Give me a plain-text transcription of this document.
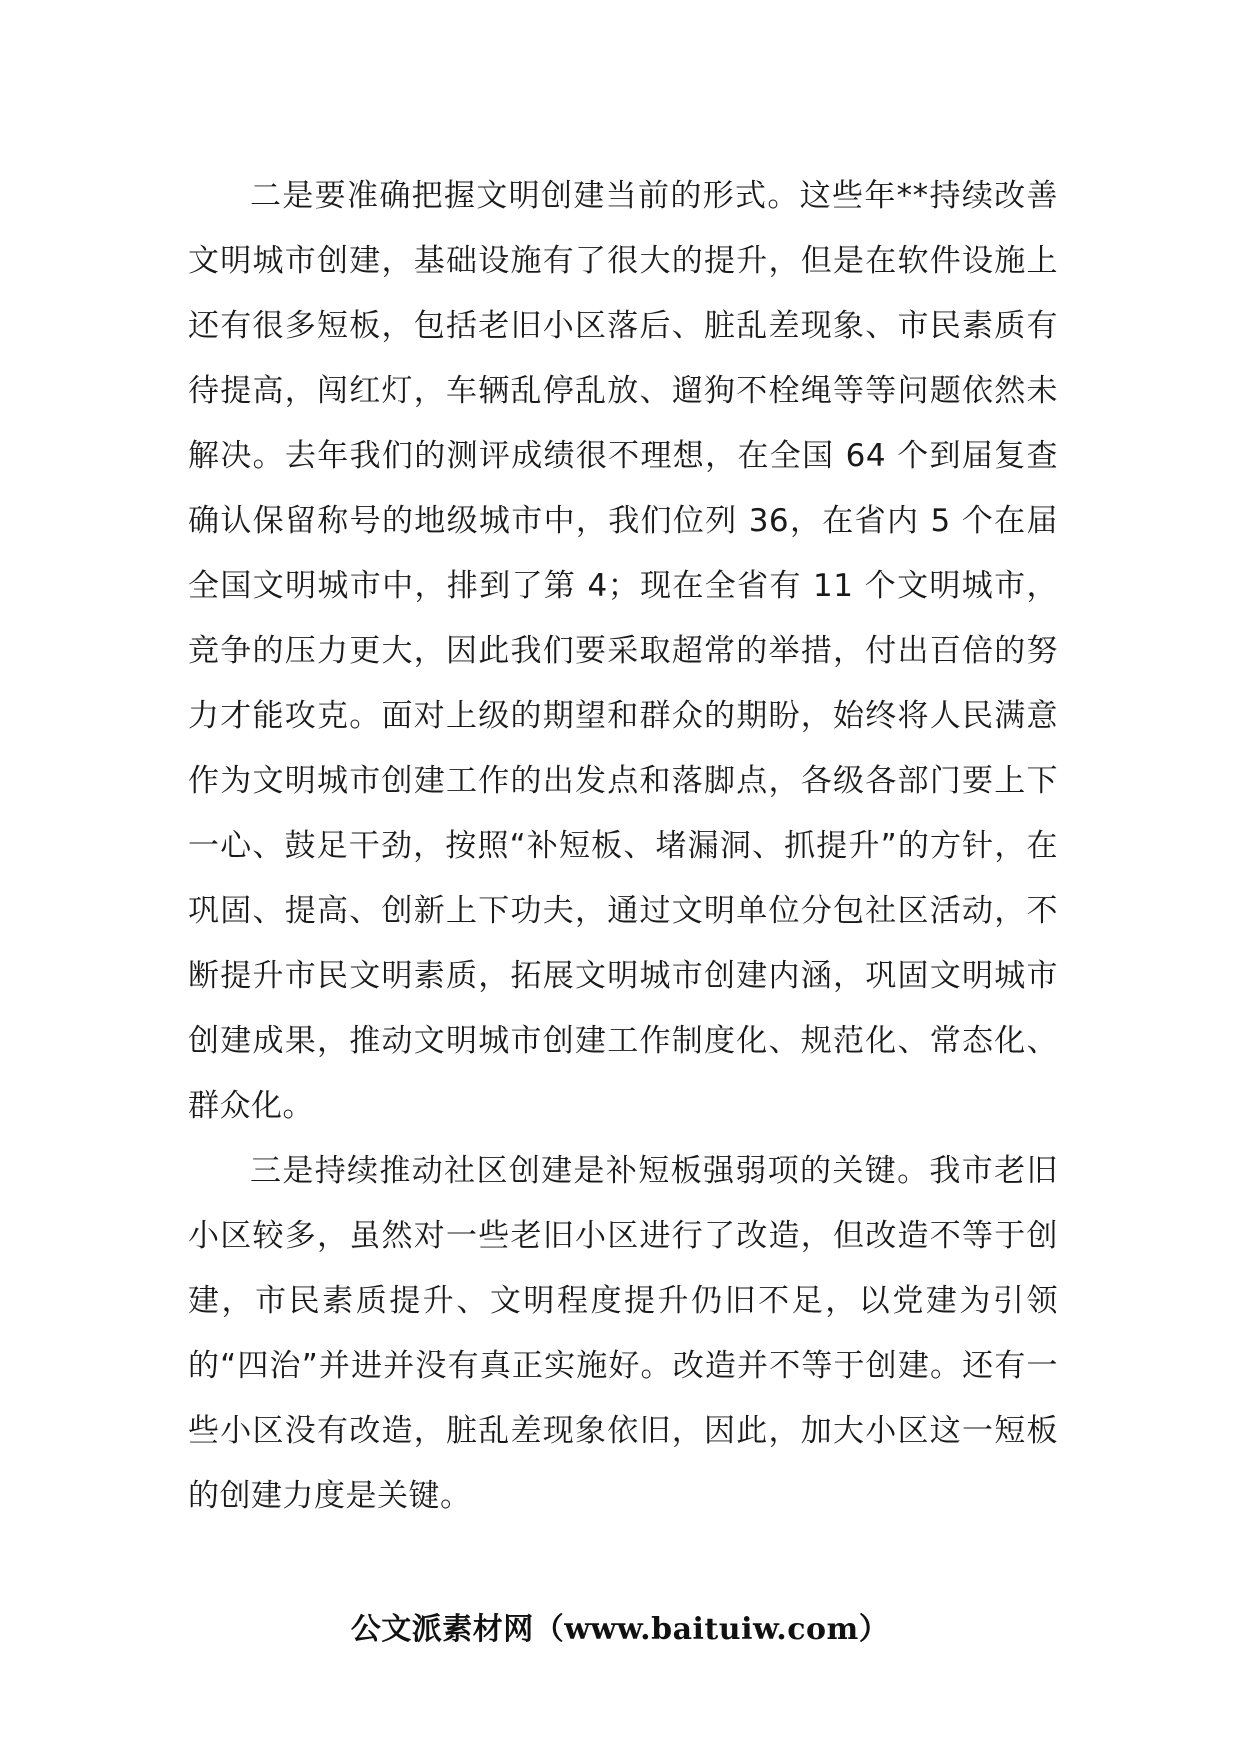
二是要准确把握文明创建当前的形式。这些年**持续改善文明城市创建，基础设施有了很大的提升，但是在软件设施上还有很多短板，包括老旧小区落后、脏乱差现象、市民素质有待提高，闯红灯，车辆乱停乱放、遛狗不栓绳等等问题依然未解决。去年我们的测评成绩很不理想，在全国 64 个到届复查确认保留称号的地级城市中，我们位列 36，在省内 5 个在届全国文明城市中，排到了第 4；现在全省有 11 个文明城市，竞争的压力更大，因此我们要采取超常的举措，付出百倍的努力才能攻克。面对上级的期望和群众的期盼，始终将人民满意作为文明城市创建工作的出发点和落脚点，各级各部门要上下一心、鼓足干劲，按照“补短板、堵漏洞、抓提升”的方针，在巩固、提高、创新上下功夫，通过文明单位分包社区活动，不断提升市民文明素质，拓展文明城市创建内涵，巩固文明城市创建成果，推动文明城市创建工作制度化、规范化、常态化、群众化。

三是持续推动社区创建是补短板强弱项的关键。我市老旧小区较多，虽然对一些老旧小区进行了改造，但改造不等于创建，市民素质提升、文明程度提升仍旧不足，以党建为引领的“四治”并进并没有真正实施好。改造并不等于创建。还有一些小区没有改造，脏乱差现象依旧，因此，加大小区这一短板的创建力度是关键。

公文派素材网（www.baituiw.com）
